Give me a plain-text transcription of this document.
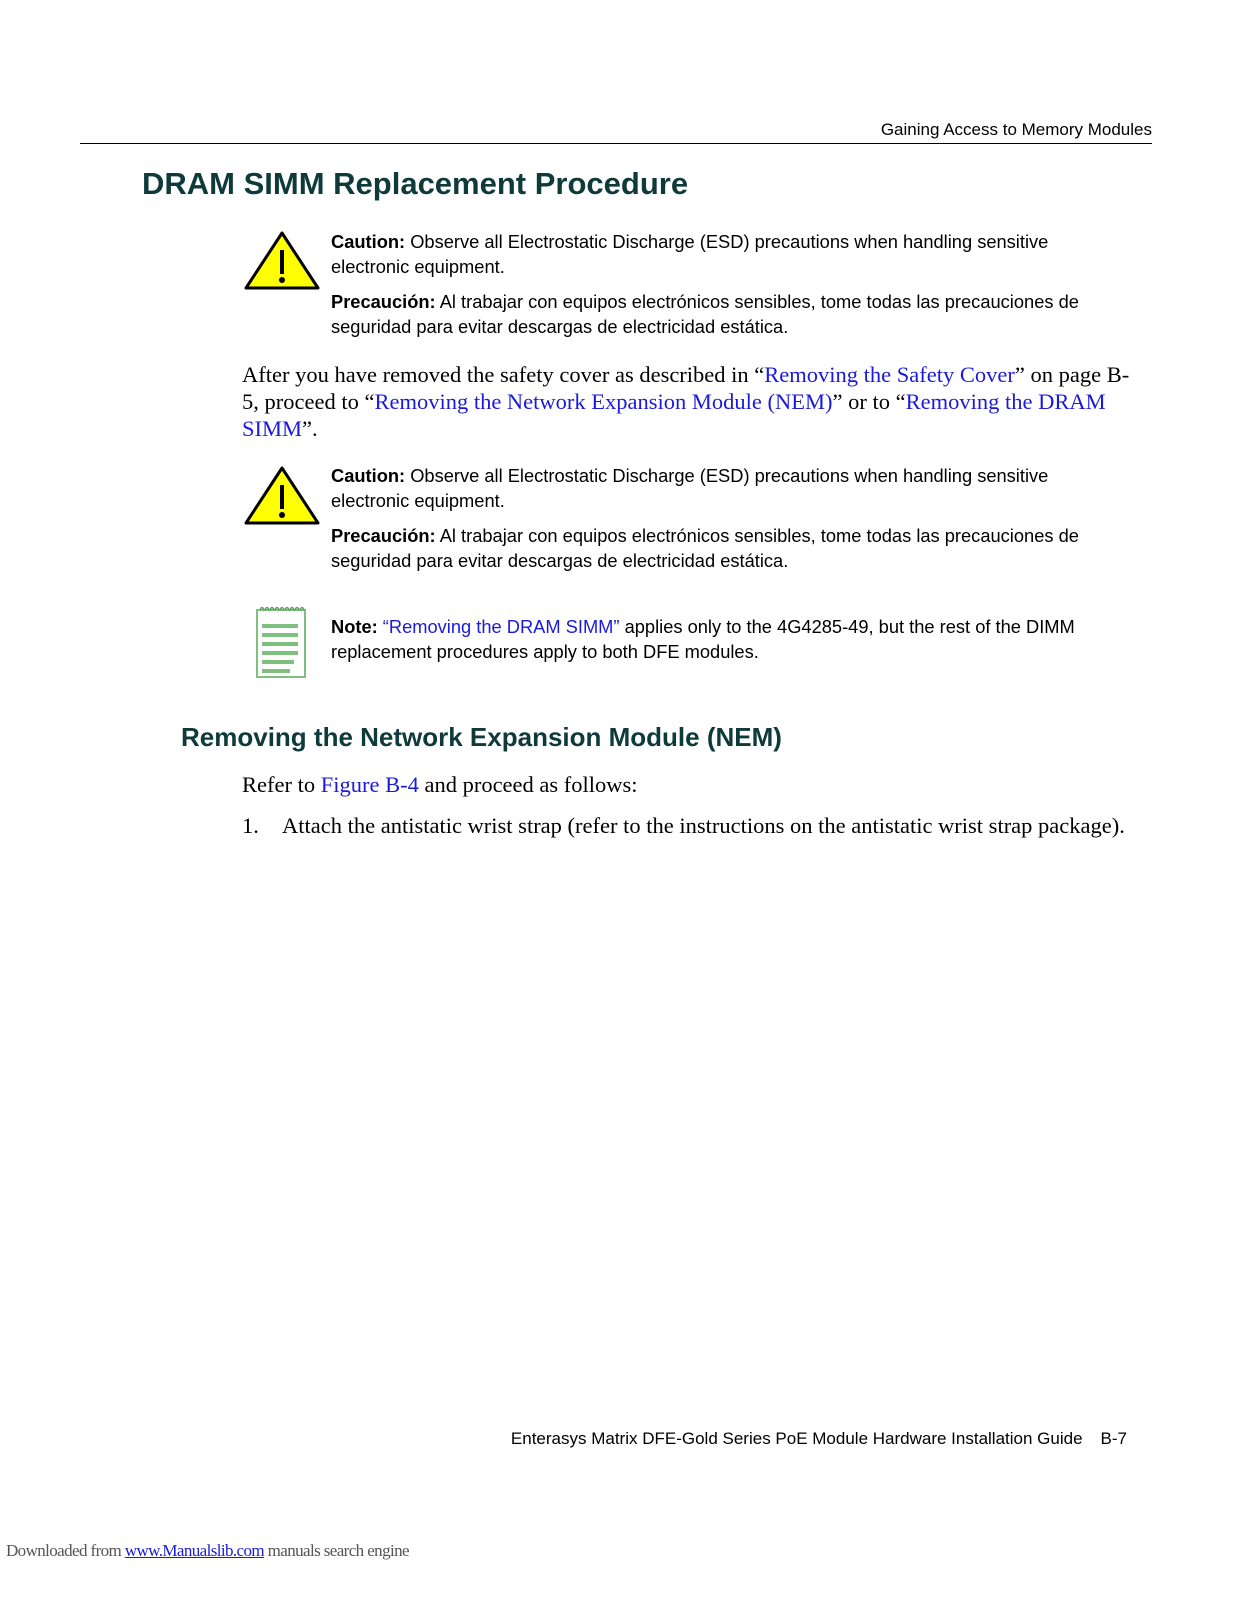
Gaining Access to Memory Modules
DRAM SIMM Replacement Procedure

Caution: Observe all Electrostatic Discharge (ESD) precautions when handling sensitive electronic equipment.

Precaución: Al trabajar con equipos electrónicos sensibles, tome todas las precauciones de seguridad para evitar descargas de electricidad estática.

After you have removed the safety cover as described in “Removing the Safety Cover” on page B-5, proceed to “Removing the Network Expansion Module (NEM)” or to “Removing the DRAM SIMM”.

Caution: Observe all Electrostatic Discharge (ESD) precautions when handling sensitive electronic equipment.

Precaución: Al trabajar con equipos electrónicos sensibles, tome todas las precauciones de seguridad para evitar descargas de electricidad estática.

Note: “Removing the DRAM SIMM” applies only to the 4G4285-49, but the rest of the DIMM replacement procedures apply to both DFE modules.

Removing the Network Expansion Module (NEM)

Refer to Figure B-4 and proceed as follows:

1. Attach the antistatic wrist strap (refer to the instructions on the antistatic wrist strap package).

Enterasys Matrix DFE-Gold Series PoE Module Hardware Installation Guide B-7
Downloaded from www.Manualslib.com manuals search engine
